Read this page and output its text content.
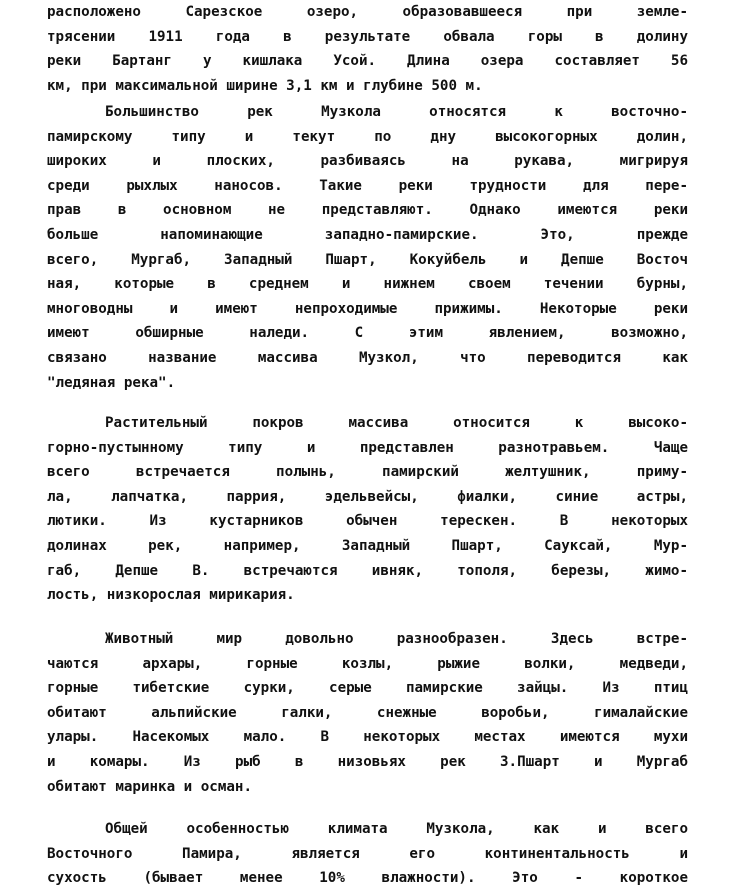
расположено Сарезское озеро, образовавшееся при земле-
трясении 1911 года в результате обвала горы в долину
реки Бартанг у кишлака Усой. Длина озера составляет 56
км, при максимальной ширине 3,1 км и глубине 500 м.
Большинство рек Музкола относятся к восточно-
памирскому типу и текут по дну высокогорных долин,
широких и плоских, разбиваясь на рукава, мигрируя
среди рыхлых наносов. Такие реки трудности для пере-
прав в основном не представляют. Однако имеются реки
больше напоминающие западно-памирские. Это, прежде
всего, Мургаб, Западный Пшарт, Кокуйбель и Депше Восточ
ная, которые в среднем и нижнем своем течении бурны,
многоводны и имеют непроходимые прижимы. Некоторые реки
имеют обширные наледи. С этим явлением, возможно,
связано название массива Музкол, что переводится как
"ледяная река".
Растительный покров массива относится к высоко-
горно-пустынному типу и представлен разнотравьем. Чаще
всего встречается полынь, памирский желтушник, приму-
ла, лапчатка, паррия, эдельвейсы, фиалки, синие астры,
лютики. Из кустарников обычен терескен. В некоторых
долинах рек, например, Западный Пшарт, Сауксай, Мур-
габ, Депше В. встречаются ивняк, тополя, березы, жимо-
лость, низкорослая мирикария.
Животный мир довольно разнообразен. Здесь встре-
чаются архары, горные козлы, рыжие волки, медведи,
горные тибетские сурки, серые памирские зайцы. Из птиц
обитают альпийские галки, снежные воробьи, гималайские
улары. Насекомых мало. В некоторых местах имеются мухи
и комары. Из рыб в низовьях рек З.Пшарт и Мургаб
обитают маринка и осман.
Общей особенностью климата Музкола, как и всего
Восточного Памира, является его континентальность и
сухость (бывает менее 10% влажности). Это - короткое
